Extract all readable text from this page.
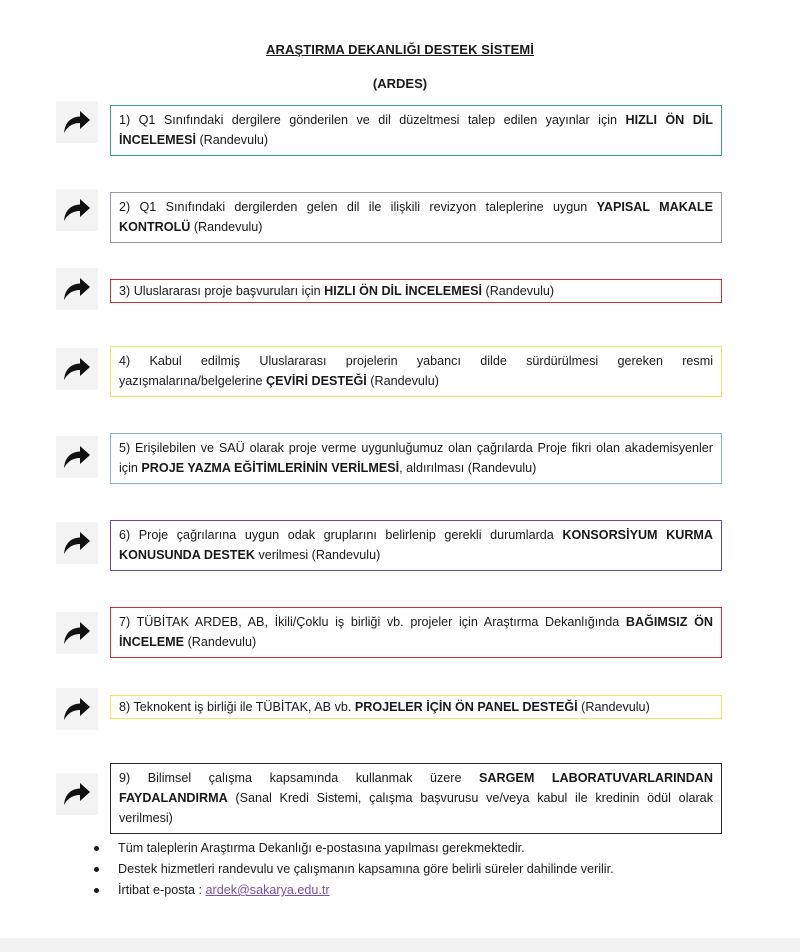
ARAŞTIRMA DEKANLIĞI DESTEK SİSTEMİ
(ARDES)
1) Q1 Sınıfındaki dergilere gönderilen ve dil düzeltmesi talep edilen yayınlar için HIZLI ÖN DİL İNCELEMESİ (Randevulu)
2) Q1 Sınıfındaki dergilerden gelen dil ile ilişkili revizyon taleplerine uygun YAPISAL MAKALE KONTROLÜ (Randevulu)
3) Uluslararası proje başvuruları için HIZLI ÖN DİL İNCELEMESİ (Randevulu)
4) Kabul edilmiş Uluslararası projelerin yabancı dilde sürdürülmesi gereken resmi yazışmalarına/belgelerine ÇEVİRİ DESTEĞİ (Randevulu)
5) Erişilebilen ve SAÜ olarak proje verme uygunluğumuz olan çağrılarda Proje fikri olan akademisyenler için PROJE YAZMA EĞİTİMLERİNİN VERİLMESİ, aldırılması (Randevulu)
6) Proje çağrılarına uygun odak gruplarını belirlenip gerekli durumlarda KONSORSİYUM KURMA KONUSUNDA DESTEK verilmesi (Randevulu)
7) TÜBİTAK ARDEB, AB, İkili/Çoklu iş birliği vb. projeler için Araştırma Dekanlığında BAĞIMSIZ ÖN İNCELEME (Randevulu)
8) Teknokent iş birliği ile TÜBİTAK, AB vb. PROJELER İÇİN ÖN PANEL DESTEĞİ (Randevulu)
9) Bilimsel çalışma kapsamında kullanmak üzere SARGEM LABORATUVARLARINDAN FAYDALANDIRMA (Sanal Kredi Sistemi, çalışma başvurusu ve/veya kabul ile kredinin ödül olarak verilmesi)
Tüm taleplerin Araştırma Dekanlığı e-postasına yapılması gerekmektedir.
Destek hizmetleri randevulu ve çalışmanın kapsamına göre belirli süreler dahilinde verilir.
İrtibat e-posta : ardek@sakarya.edu.tr
